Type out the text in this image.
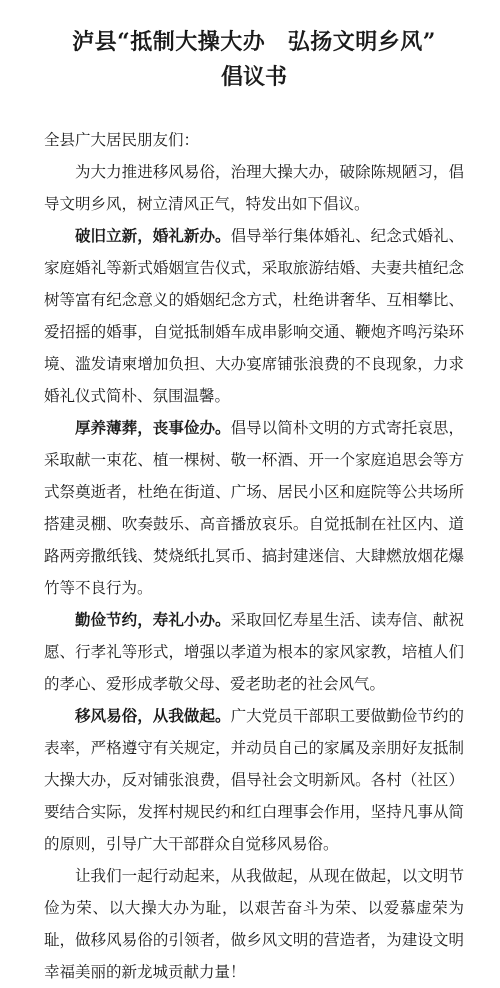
泸县“抵制大操大办　弘扬文明乡风”
倡议书

全县广大居民朋友们：

为大力推进移风易俗，治理大操大办，破除陈规陋习，倡导文明乡风，树立清风正气，特发出如下倡议。

破旧立新，婚礼新办。倡导举行集体婚礼、纪念式婚礼、家庭婚礼等新式婚姻宣告仪式，采取旅游结婚、夫妻共植纪念树等富有纪念意义的婚姻纪念方式，杜绝讲奢华、互相攀比、爱招摇的婚事，自觉抵制婚车成串影响交通、鞭炮齐鸣污染环境、滥发请柬增加负担、大办宴席铺张浪费的不良现象，力求婚礼仪式简朴、氛围温馨。

厚养薄葬，丧事俭办。倡导以简朴文明的方式寄托哀思，采取献一束花、植一棵树、敬一杯酒、开一个家庭追思会等方式祭奠逝者，杜绝在街道、广场、居民小区和庭院等公共场所搭建灵棚、吹奏鼓乐、高音播放哀乐。自觉抵制在社区内、道路两旁撒纸钱、焚烧纸扎冥币、搞封建迷信、大肆燃放烟花爆竹等不良行为。

勤俭节约，寿礼小办。采取回忆寿星生活、读寿信、献祝愿、行孝礼等形式，增强以孝道为根本的家风家教，培植人们的孝心、爱形成孝敬父母、爱老助老的社会风气。

移风易俗，从我做起。广大党员干部职工要做勤俭节约的表率，严格遵守有关规定，并动员自己的家属及亲朋好友抵制大操大办，反对铺张浪费，倡导社会文明新风。各村（社区）要结合实际，发挥村规民约和红白理事会作用，坚持凡事从简的原则，引导广大干部群众自觉移风易俗。

让我们一起行动起来，从我做起，从现在做起，以文明节俭为荣、以大操大办为耻，以艰苦奋斗为荣、以爱慕虚荣为耻，做移风易俗的引领者，做乡风文明的营造者，为建设文明幸福美丽的新龙城贡献力量！
